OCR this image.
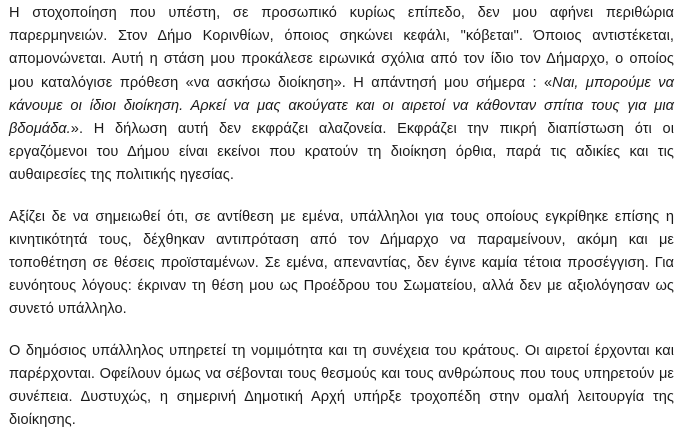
Η στοχοποίηση που υπέστη, σε προσωπικό κυρίως επίπεδο, δεν μου αφήνει περιθώρια παρερμηνειών. Στον Δήμο Κορινθίων, όποιος σηκώνει κεφάλι, "κόβεται". Όποιος αντιστέκεται, απομονώνεται. Αυτή η στάση μου προκάλεσε ειρωνικά σχόλια από τον ίδιο τον Δήμαρχο, ο οποίος μου καταλόγισε πρόθεση «να ασκήσω διοίκηση». Η απάντησή μου σήμερα : «Ναι, μπορούμε να κάνουμε οι ίδιοι διοίκηση. Αρκεί να μας ακούγατε και οι αιρετοί να κάθονταν σπίτια τους για μια βδομάδα.». Η δήλωση αυτή δεν εκφράζει αλαζονεία. Εκφράζει την πικρή διαπίστωση ότι οι εργαζόμενοι του Δήμου είναι εκείνοι που κρατούν τη διοίκηση όρθια, παρά τις αδικίες και τις αυθαιρεσίες της πολιτικής ηγεσίας.

Αξίζει δε να σημειωθεί ότι, σε αντίθεση με εμένα, υπάλληλοι για τους οποίους εγκρίθηκε επίσης η κινητικότητά τους, δέχθηκαν αντιπρόταση από τον Δήμαρχο να παραμείνουν, ακόμη και με τοποθέτηση σε θέσεις προϊσταμένων. Σε εμένα, απεναντίας, δεν έγινε καμία τέτοια προσέγγιση. Για ευνόητους λόγους: έκριναν τη θέση μου ως Προέδρου του Σωματείου, αλλά δεν με αξιολόγησαν ως συνετό υπάλληλο.

Ο δημόσιος υπάλληλος υπηρετεί τη νομιμότητα και τη συνέχεια του κράτους. Οι αιρετοί έρχονται και παρέρχονται. Οφείλουν όμως να σέβονται τους θεσμούς και τους ανθρώπους που τους υπηρετούν με συνέπεια. Δυστυχώς, η σημερινή Δημοτική Αρχή υπήρξε τροχοπέδη στην ομαλή λειτουργία της διοίκησης.
